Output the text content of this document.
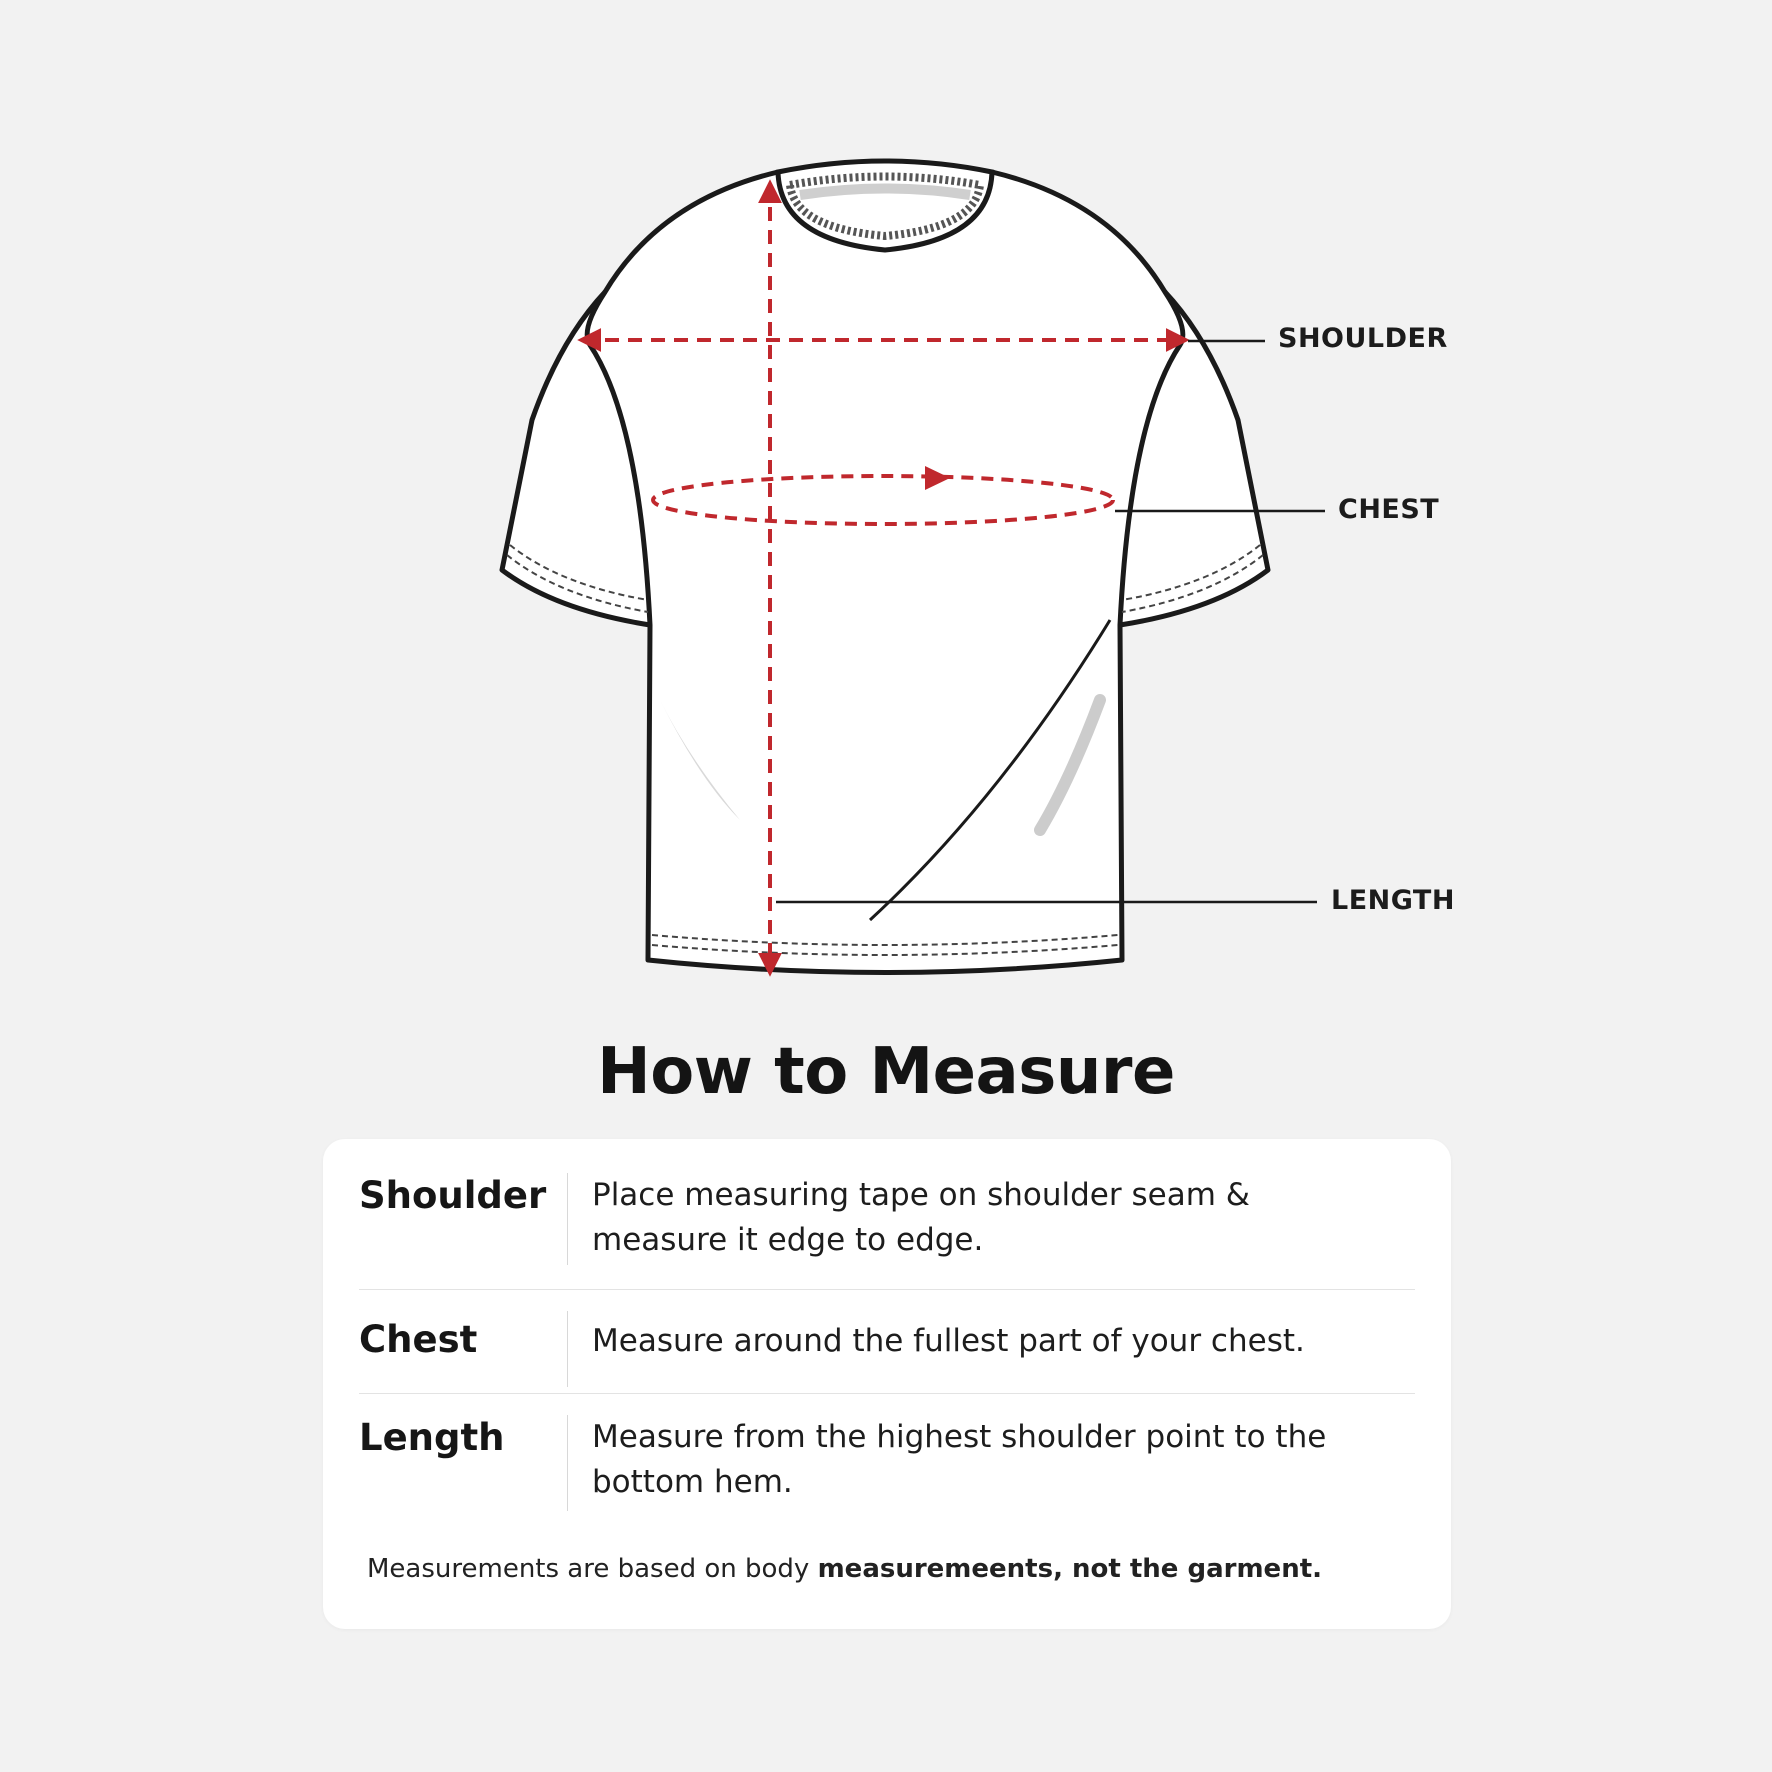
SHOULDER
CHEST
LENGTH
How to Measure
Shoulder	Place measuring tape on shoulder seam & measure it edge to edge.
Chest	Measure around the fullest part of your chest.
Length	Measure from the highest shoulder point to the bottom hem.
Measurements are based on body measuremeents, not the garment.
